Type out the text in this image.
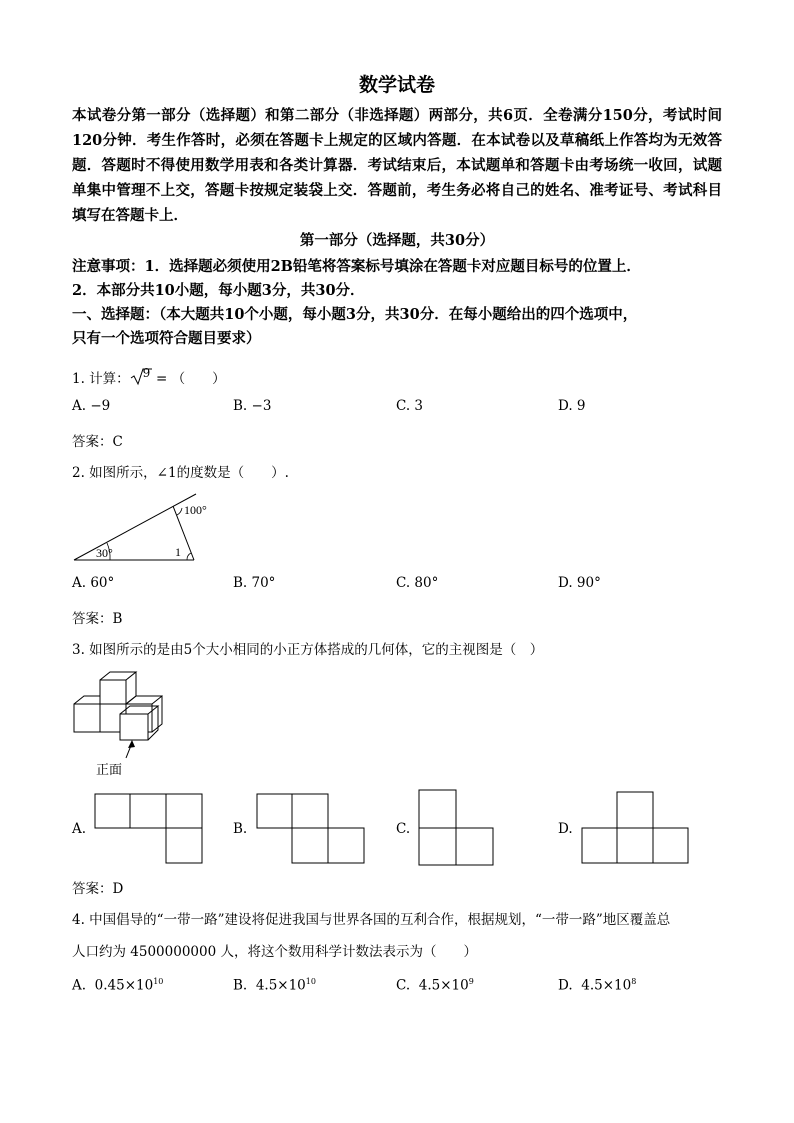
数学试卷
本试卷分第一部分（选择题）和第二部分（非选择题）两部分，共6页．全卷满分150分，考试时间120分钟．考生作答时，必须在答题卡上规定的区域内答题．在本试卷以及草稿纸上作答均为无效答题．答题时不得使用数学用表和各类计算器．考试结束后，本试题单和答题卡由考场统一收回，试题单集中管理不上交，答题卡按规定装袋上交．答题前，考生务必将自己的姓名、准考证号、考试科目填写在答题卡上．
第一部分（选择题，共30分）
注意事项：1．选择题必须使用2B铅笔将答案标号填涂在答题卡对应题目标号的位置上．
2．本部分共10小题，每小题3分，共30分．
一、选择题：（本大题共10个小题，每小题3分，共30分．在每小题给出的四个选项中，
只有一个选项符合题目要求）
1. 计算： 9 = （　　）
A. −9	B. −3	C. 3	D. 9
答案：C
2. 如图所示，∠1的度数是（　　）.
30°
100°
1
A. 60°	B. 70°	C. 80°	D. 90°
答案：B
3. 如图所示的是由5个大小相同的小正方体搭成的几何体，它的主视图是（　）
正面
A.	B.	C.	D.
答案：D
4. 中国倡导的“一带一路”建设将促进我国与世界各国的互利合作，根据规划，“一带一路”地区覆盖总
人口约为 4500000000 人，将这个数用科学计数法表示为（　　）
A. $0.45\times 10^{10}$	B. $4.5\times 10^{10}$	C. $4.5\times 10^9$	D. $4.5\times 10^8$
